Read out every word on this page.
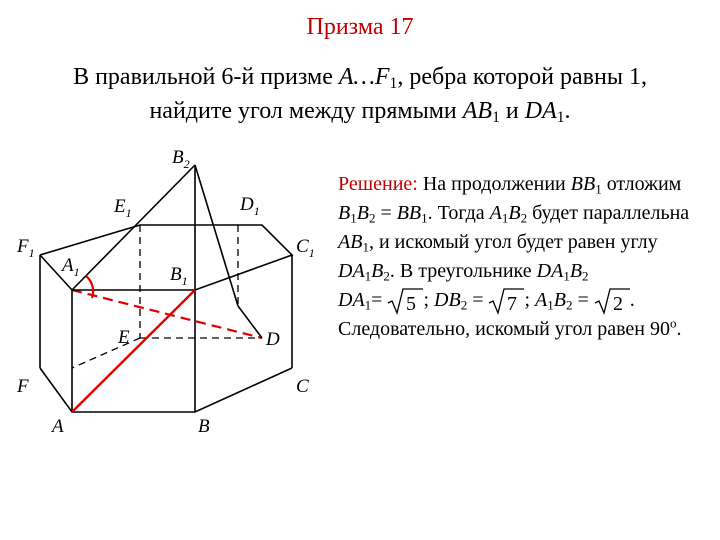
Призма 17
В правильной 6-й призме $A\dots F_1$, ребра которой равны 1, найдите угол между прямыми $AB_1$ и $DA_1$.
$B_2$
$E_1$	$D_1$
$F_1$
$A_1$
$C_1$
$B_1$
E	D
F	C
A	B
Решение: На продолжении $BB_1$ отложим $B_1B_2 = BB_1$. Тогда $A_1B_2$ будет параллельна $AB_1$, и искомый угол будет равен углу $DA_1B_2$. В треугольнике $DA_1B_2$
$DA_1= 5$ ; $DB_2 = 7$ ; $A_1B_2 = 2$ .
Следовательно, искомый угол равен $90^о$.
